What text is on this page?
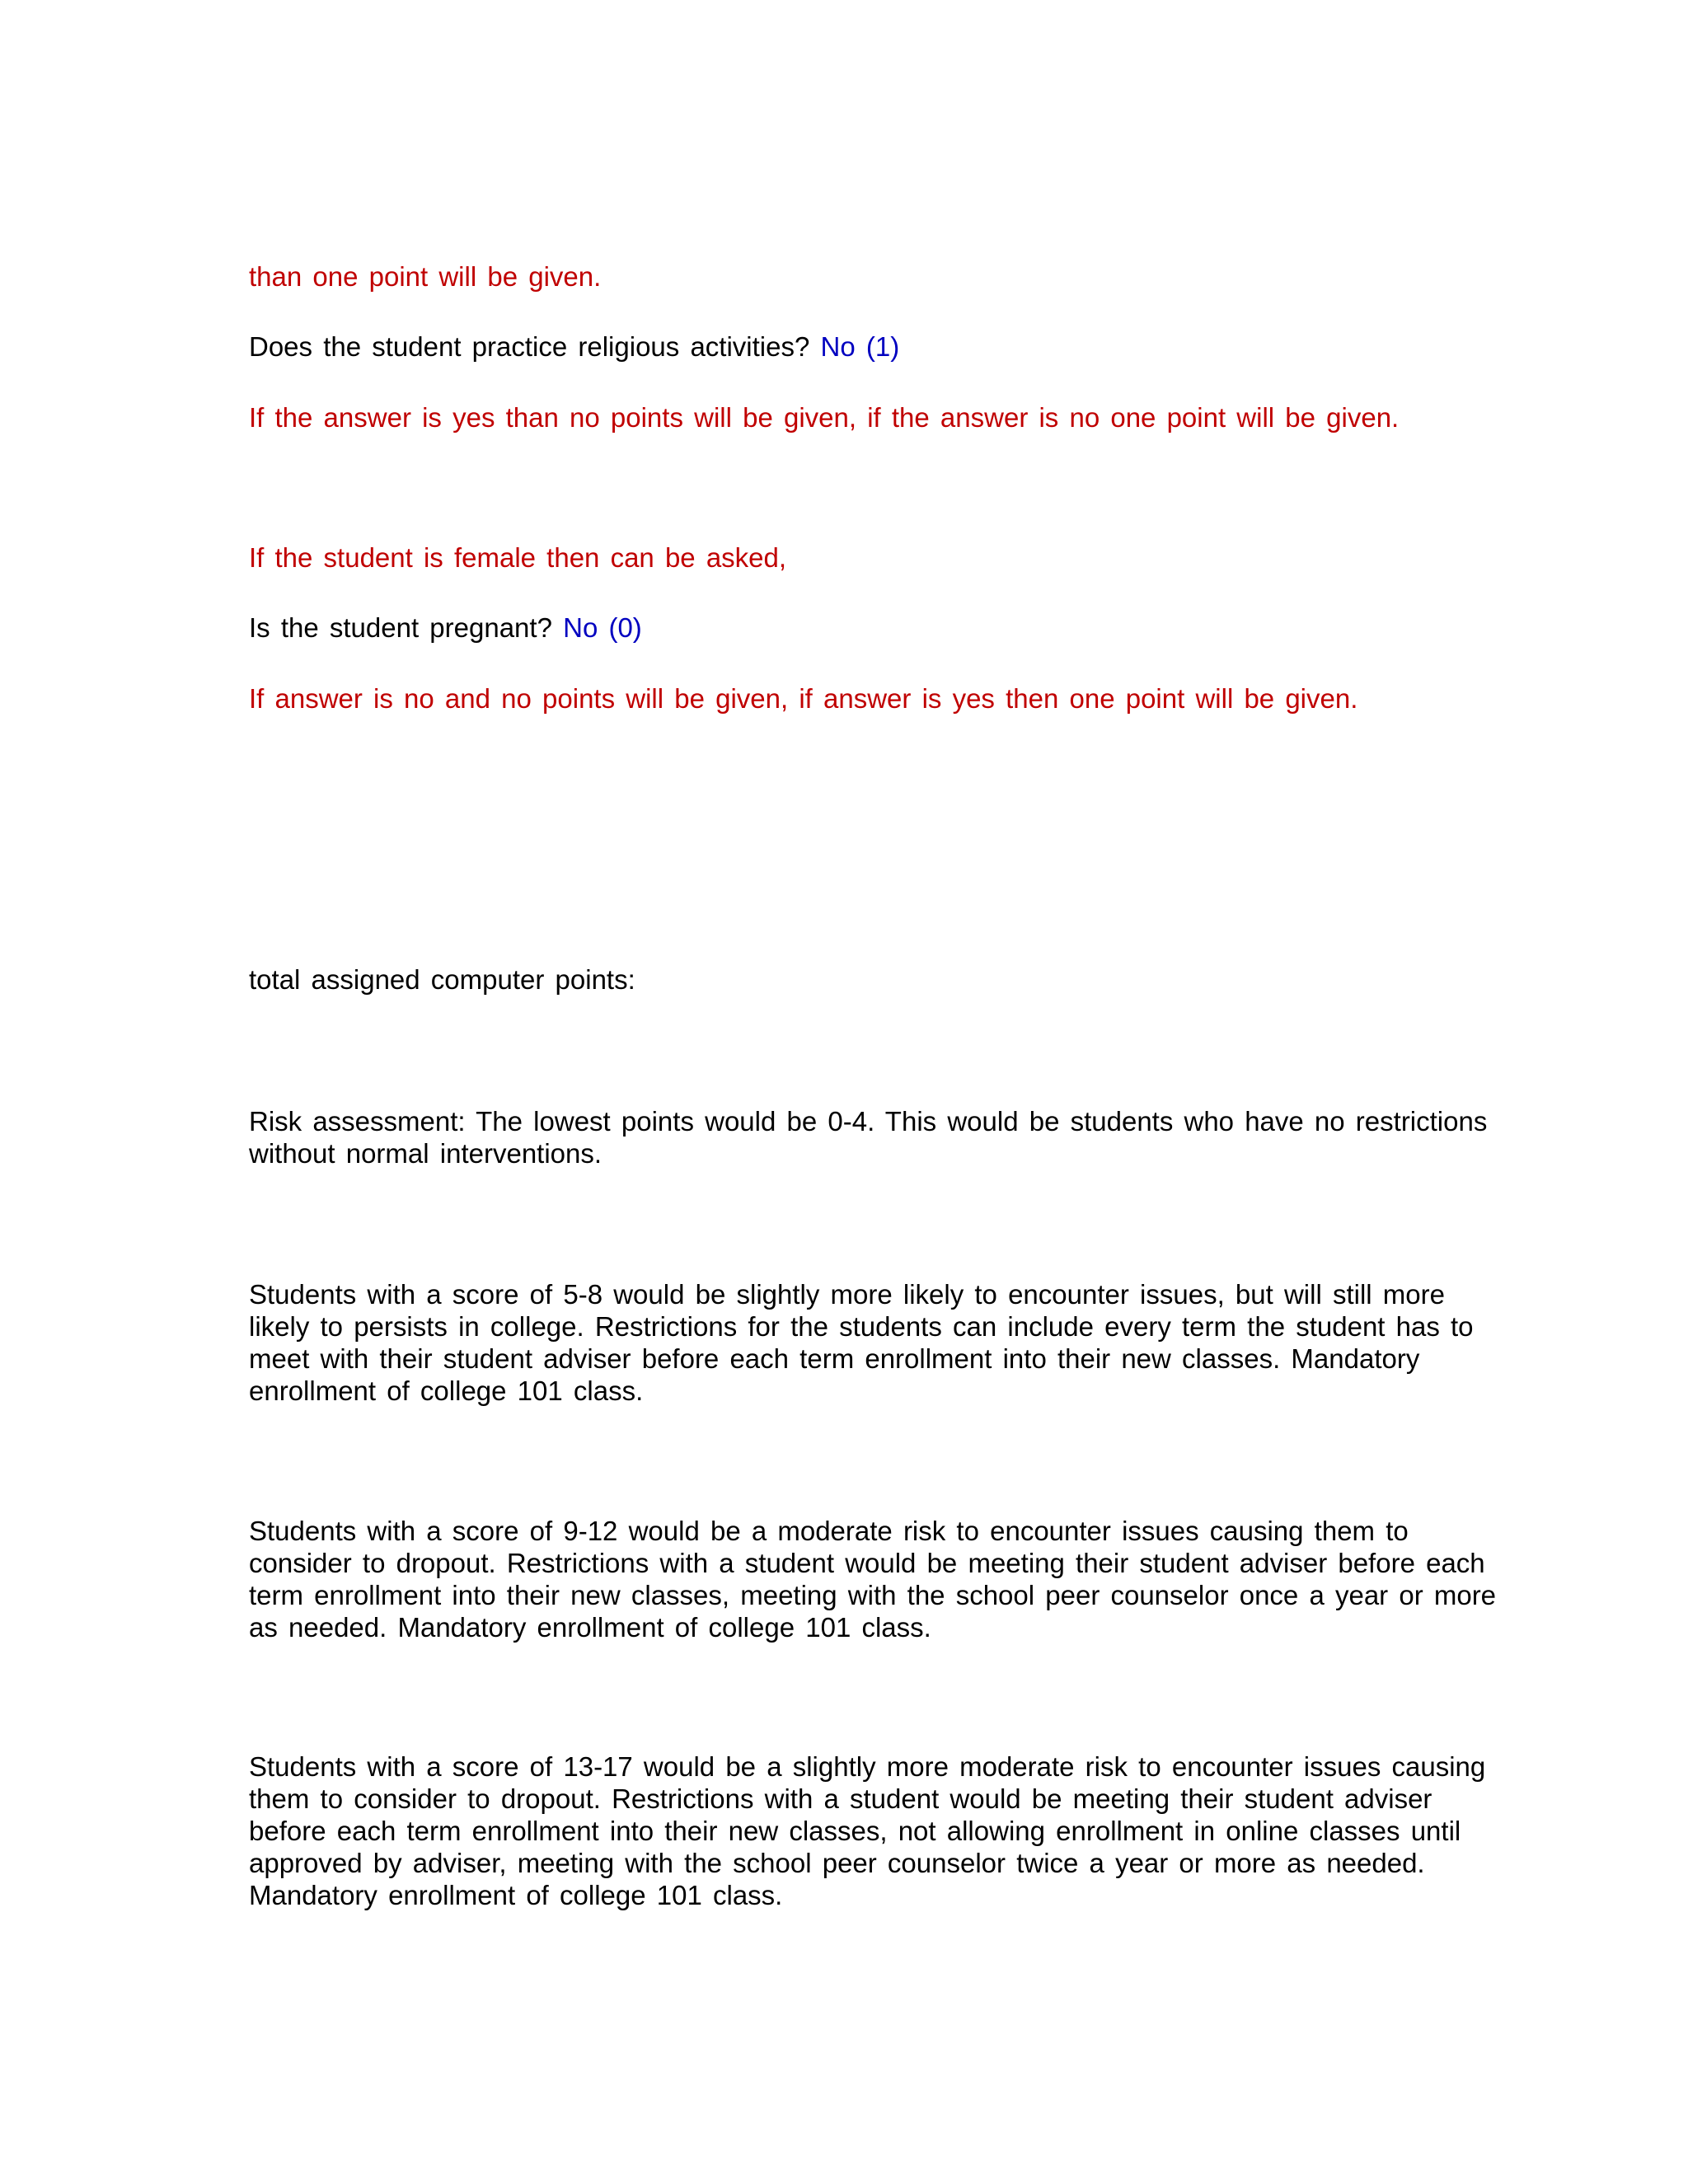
than one point will be given.

Does the student practice religious activities? No (1)

If the answer is yes than no points will be given, if the answer is no one point will be given.

If the student is female then can be asked,

Is the student pregnant? No (0)

If answer is no and no points will be given, if answer is yes then one point will be given.

total assigned computer points:

Risk assessment: The lowest points would be 0-4. This would be students who have no restrictions without normal interventions.

Students with a score of 5-8 would be slightly more likely to encounter issues, but will still more likely to persists in college. Restrictions for the students can include every term the student has to meet with their student adviser before each term enrollment into their new classes. Mandatory enrollment of college 101 class.

Students with a score of 9-12 would be a moderate risk to encounter issues causing them to consider to dropout. Restrictions with a student would be meeting their student adviser before each term enrollment into their new classes, meeting with the school peer counselor once a year or more as needed. Mandatory enrollment of college 101 class.

Students with a score of 13-17 would be a slightly more moderate risk to encounter issues causing them to consider to dropout. Restrictions with a student would be meeting their student adviser before each term enrollment into their new classes, not allowing enrollment in online classes until approved by adviser, meeting with the school peer counselor twice a year or more as needed. Mandatory enrollment of college 101 class.
